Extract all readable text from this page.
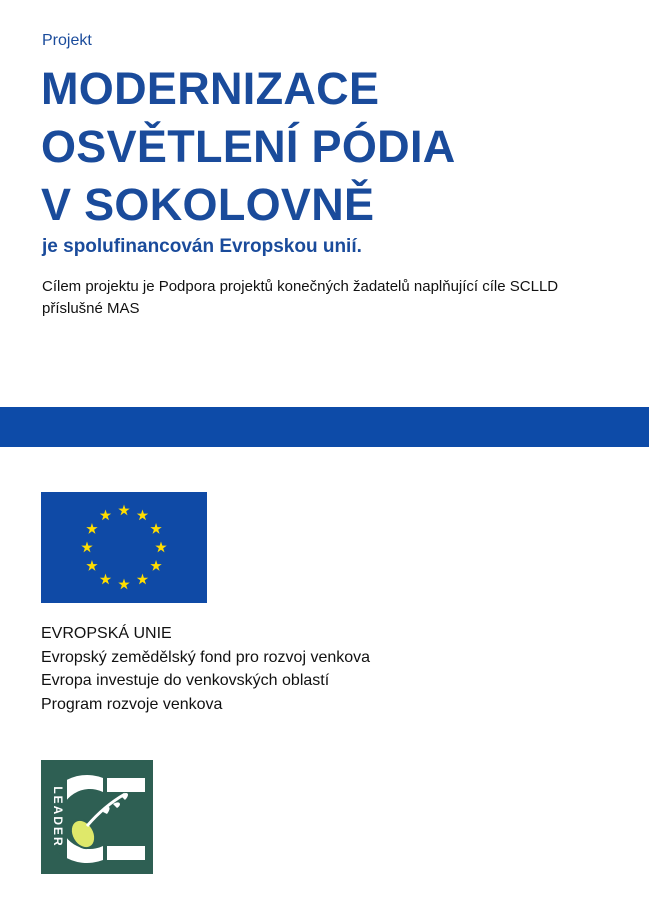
Projekt
MODERNIZACE
OSVĚTLENÍ PÓDIA
V SOKOLOVNĚ
je spolufinancován Evropskou unií.
Cílem projektu je Podpora projektů konečných žadatelů naplňující cíle SCLLD příslušné MAS
EVROPSKÁ UNIE
Evropský zemědělský fond pro rozvoj venkova
Evropa investuje do venkovských oblastí
Program rozvoje venkova
LEADER
